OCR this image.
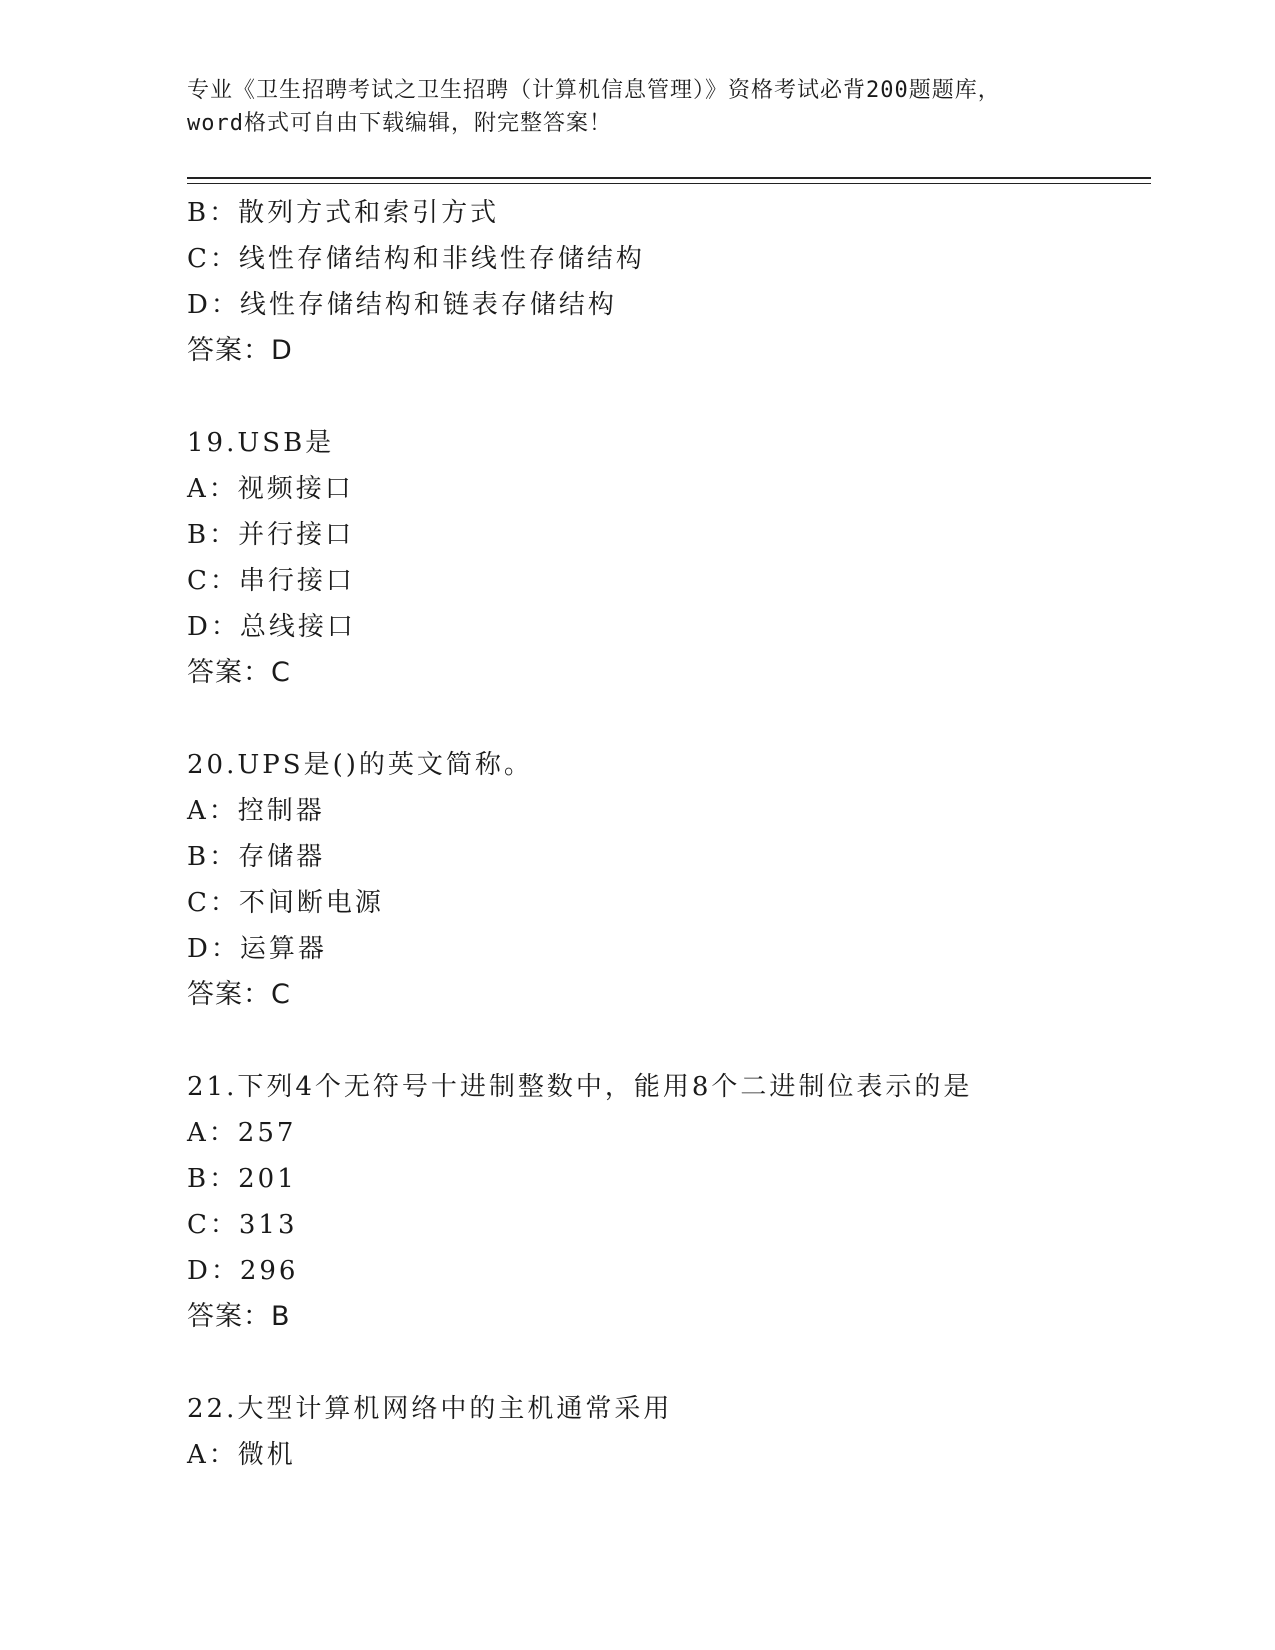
专业《卫生招聘考试之卫生招聘（计算机信息管理）》资格考试必背200题题库，
word格式可自由下载编辑，附完整答案！
B：散列方式和索引方式
C：线性存储结构和非线性存储结构
D：线性存储结构和链表存储结构
答案：D
19.USB是
A：视频接口
B：并行接口
C：串行接口
D：总线接口
答案：C
20.UPS是()的英文简称。
A：控制器
B：存储器
C：不间断电源
D：运算器
答案：C
21.下列4个无符号十进制整数中，能用8个二进制位表示的是
A：257
B：201
C：313
D：296
答案：B
22.大型计算机网络中的主机通常采用
A：微机
